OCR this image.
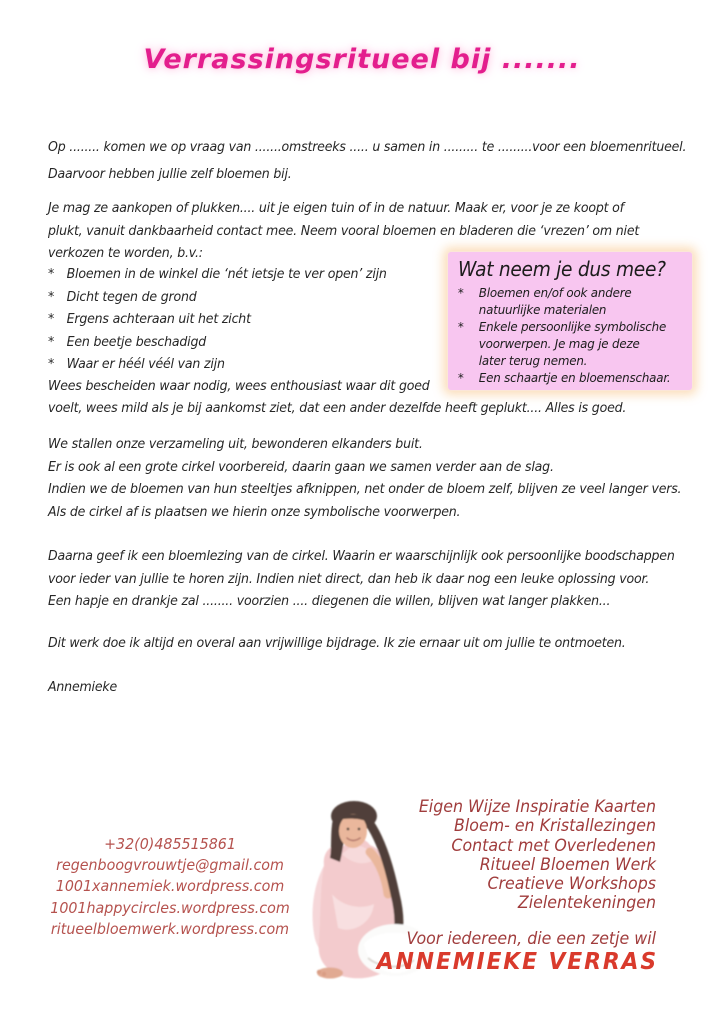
Verrassingsritueel bij .......
Op ........ komen we op vraag van .......omstreeks ..... u samen in ......... te .........voor een bloemenritueel.
Daarvoor hebben jullie zelf bloemen bij.
Je mag ze aankopen of plukken.... uit je eigen tuin of in de natuur. Maak er, voor je ze koopt of
plukt, vanuit dankbaarheid contact mee. Neem vooral bloemen en bladeren die ‘vrezen’ om niet
verkozen te worden, b.v.:
* Bloemen in de winkel die ‘nét ietsje te ver open’ zijn
* Dicht tegen de grond
* Ergens achteraan uit het zicht
* Een beetje beschadigd
* Waar er héél véél van zijn
Wees bescheiden waar nodig, wees enthousiast waar dit goed
voelt, wees mild als je bij aankomst ziet, dat een ander dezelfde heeft geplukt.... Alles is goed.
We stallen onze verzameling uit, bewonderen elkanders buit.
Er is ook al een grote cirkel voorbereid, daarin gaan we samen verder aan de slag.
Indien we de bloemen van hun steeltjes afknippen, net onder de bloem zelf, blijven ze veel langer vers.
Als de cirkel af is plaatsen we hierin onze symbolische voorwerpen.
Daarna geef ik een bloemlezing van de cirkel. Waarin er waarschijnlijk ook persoonlijke boodschappen
voor ieder van jullie te horen zijn. Indien niet direct, dan heb ik daar nog een leuke oplossing voor.
Een hapje en drankje zal ........ voorzien .... diegenen die willen, blijven wat langer plakken...
Dit werk doe ik altijd en overal aan vrijwillige bijdrage. Ik zie ernaar uit om jullie te ontmoeten.
Annemieke
Wat neem je dus mee?
*	Bloemen en/of ook andere
natuurlijke materialen
*	Enkele persoonlijke symbolische
voorwerpen. Je mag je deze
later terug nemen.
*	Een schaartje en bloemenschaar.
+32(0)485515861
regenboogvrouwtje@gmail.com
1001xannemiek.wordpress.com
1001happycircles.wordpress.com
ritueelbloemwerk.wordpress.com
Eigen Wijze Inspiratie Kaarten
Bloem- en Kristallezingen
Contact met Overledenen
Ritueel Bloemen Werk
Creatieve Workshops
Zielentekeningen
Voor iedereen, die een zetje wil
ANNEMIEKE VERRAS
